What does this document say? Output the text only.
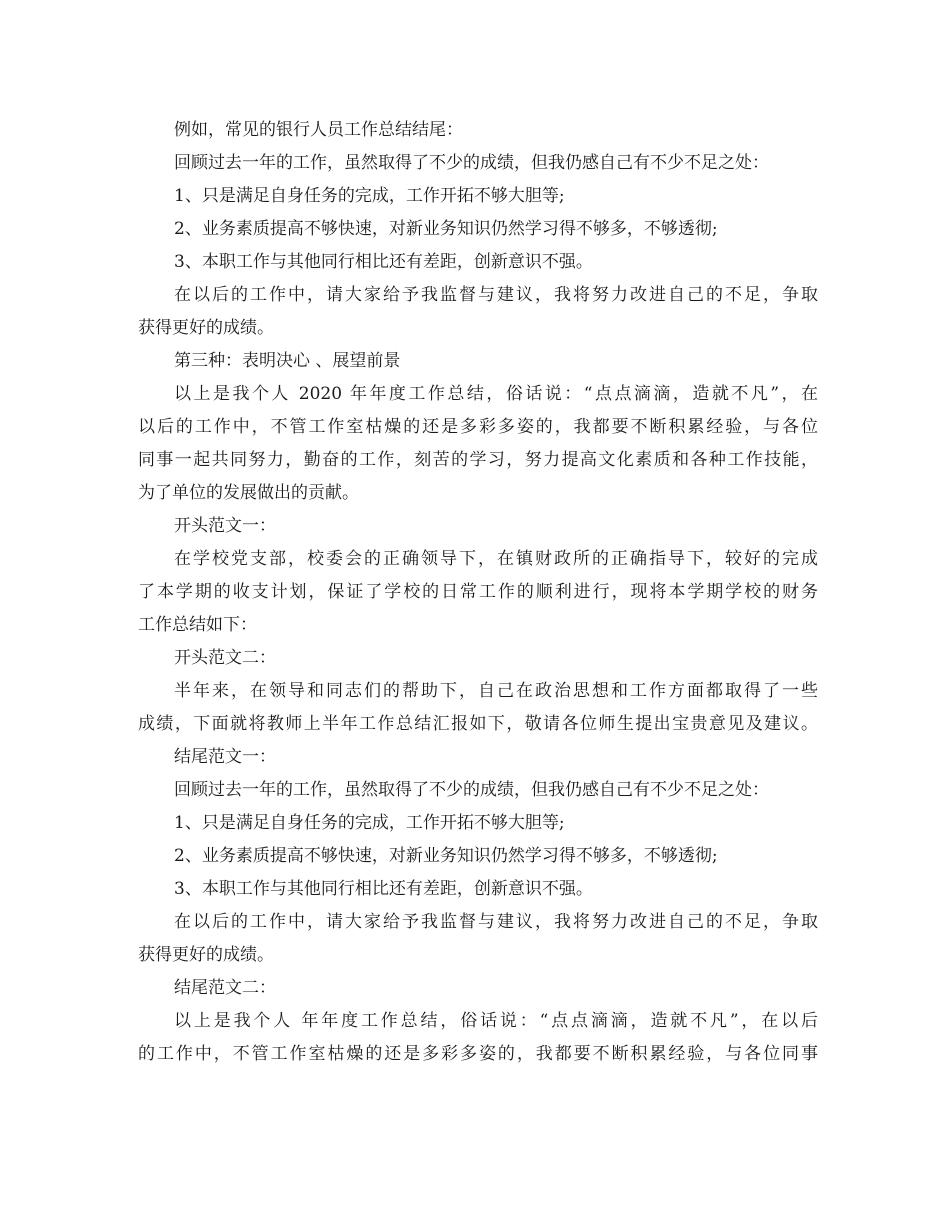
例如，常见的银行人员工作总结结尾：
回顾过去一年的工作，虽然取得了不少的成绩，但我仍感自己有不少不足之处：
1、只是满足自身任务的完成，工作开拓不够大胆等;
2、业务素质提高不够快速，对新业务知识仍然学习得不够多，不够透彻;
3、本职工作与其他同行相比还有差距，创新意识不强。
在以后的工作中，请大家给予我监督与建议，我将努力改进自己的不足，争取
获得更好的成绩。
第三种：表明决心 、展望前景
以上是我个人 2020 年年度工作总结，俗话说：“点点滴滴，造就不凡”，在
以后的工作中，不管工作室枯燥的还是多彩多姿的，我都要不断积累经验，与各位
同事一起共同努力，勤奋的工作，刻苦的学习，努力提高文化素质和各种工作技能，
为了单位的发展做出的贡献。
开头范文一：
在学校党支部，校委会的正确领导下，在镇财政所的正确指导下，较好的完成
了本学期的收支计划，保证了学校的日常工作的顺利进行，现将本学期学校的财务
工作总结如下：
开头范文二：
半年来，在领导和同志们的帮助下，自己在政治思想和工作方面都取得了一些
成绩，下面就将教师上半年工作总结汇报如下，敬请各位师生提出宝贵意见及建议。
结尾范文一：
回顾过去一年的工作，虽然取得了不少的成绩，但我仍感自己有不少不足之处：
1、只是满足自身任务的完成，工作开拓不够大胆等;
2、业务素质提高不够快速，对新业务知识仍然学习得不够多，不够透彻;
3、本职工作与其他同行相比还有差距，创新意识不强。
在以后的工作中，请大家给予我监督与建议，我将努力改进自己的不足，争取
获得更好的成绩。
结尾范文二：
以上是我个人 年年度工作总结，俗话说：“点点滴滴，造就不凡”，在以后
的工作中，不管工作室枯燥的还是多彩多姿的，我都要不断积累经验，与各位同事
